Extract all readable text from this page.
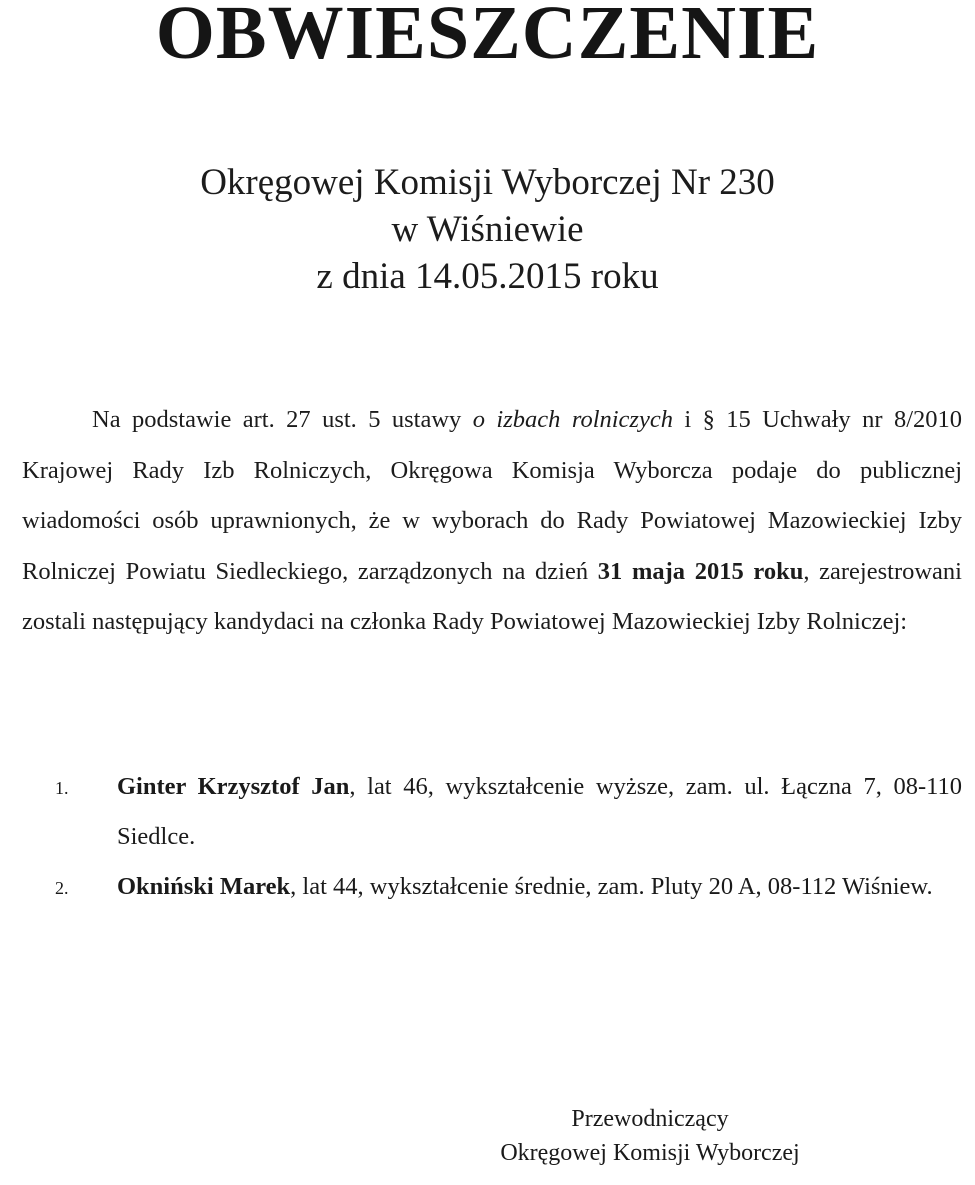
OBWIESZCZENIE
Okręgowej Komisji Wyborczej Nr 230
w Wiśniewie
z dnia 14.05.2015 roku
Na podstawie art. 27 ust. 5 ustawy o izbach rolniczych i § 15 Uchwały nr 8/2010 Krajowej Rady Izb Rolniczych, Okręgowa Komisja Wyborcza podaje do publicznej wiadomości osób uprawnionych, że w wyborach do Rady Powiatowej Mazowieckiej Izby Rolniczej Powiatu Siedleckiego, zarządzonych na dzień 31 maja 2015 roku, zarejestrowani zostali następujący kandydaci na członka Rady Powiatowej Mazowieckiej Izby Rolniczej:
1. Ginter Krzysztof Jan, lat 46, wykształcenie wyższe, zam. ul. Łączna 7, 08-110 Siedlce.
2. Okniński Marek, lat 44, wykształcenie średnie, zam. Pluty 20 A, 08-112 Wiśniew.
Przewodniczący
Okręgowej Komisji Wyborczej
